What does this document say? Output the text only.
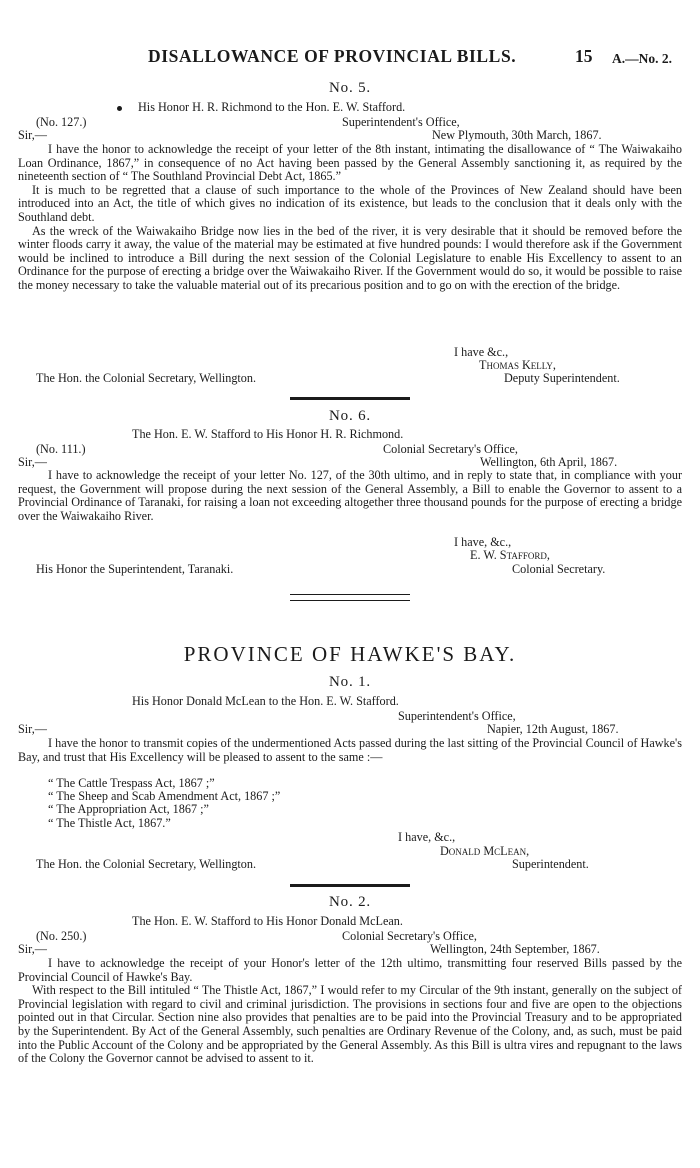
DISALLOWANCE OF PROVINCIAL BILLS.	15 A.—No. 2.
No. 5.
His Honor H. R. Richmond to the Hon. E. W. Stafford.
(No. 127.)	Superintendent's Office,
Sir,—	New Plymouth, 30th March, 1867.

I have the honor to acknowledge the receipt of your letter of the 8th instant, intimating the disallowance of “ The Waiwakaiho Loan Ordinance, 1867,” in consequence of no Act having been passed by the General Assembly sanctioning it, as required by the nineteenth section of “ The Southland Provincial Debt Act, 1865.”

It is much to be regretted that a clause of such importance to the whole of the Provinces of New Zealand should have been introduced into an Act, the title of which gives no indication of its existence, but leads to the conclusion that it deals only with the Southland debt.

As the wreck of the Waiwakaiho Bridge now lies in the bed of the river, it is very desirable that it should be removed before the winter floods carry it away, the value of the material may be estimated at five hundred pounds: I would therefore ask if the Government would be inclined to introduce a Bill during the next session of the Colonial Legislature to enable His Excellency to assent to an Ordinance for the purpose of erecting a bridge over the Waiwakaiho River. If the Government would do so, it would be possible to raise the money necessary to take the valuable material out of its precarious position and to go on with the erection of the bridge.

I have &c.,
Thomas Kelly,
The Hon. the Colonial Secretary, Wellington.	Deputy Superintendent.
No. 6.
The Hon. E. W. Stafford to His Honor H. R. Richmond.
(No. 111.)	Colonial Secretary's Office,
Sir,—	Wellington, 6th April, 1867.

I have to acknowledge the receipt of your letter No. 127, of the 30th ultimo, and in reply to state that, in compliance with your request, the Government will propose during the next session of the General Assembly, a Bill to enable the Governor to assent to a Provincial Ordinance of Taranaki, for raising a loan not exceeding altogether three thousand pounds for the purpose of erecting a bridge over the Waiwakaiho River.

I have, &c.,
E. W. Stafford,
His Honor the Superintendent, Taranaki.	Colonial Secretary.
PROVINCE OF HAWKE'S BAY.
No. 1.
His Honor Donald McLean to the Hon. E. W. Stafford.
Superintendent's Office,
Sir,—	Napier, 12th August, 1867.

I have the honor to transmit copies of the undermentioned Acts passed during the last sitting of the Provincial Council of Hawke's Bay, and trust that His Excellency will be pleased to assent to the same :—

“ The Cattle Trespass Act, 1867 ;”
“ The Sheep and Scab Amendment Act, 1867 ;”
“ The Appropriation Act, 1867 ;”
“ The Thistle Act, 1867.”
I have, &c.,
Donald McLean,
The Hon. the Colonial Secretary, Wellington.	Superintendent.
No. 2.
The Hon. E. W. Stafford to His Honor Donald McLean.
(No. 250.)	Colonial Secretary's Office,
Sir,—	Wellington, 24th September, 1867.

I have to acknowledge the receipt of your Honor's letter of the 12th ultimo, transmitting four reserved Bills passed by the Provincial Council of Hawke's Bay.

With respect to the Bill intituled “ The Thistle Act, 1867,” I would refer to my Circular of the 9th instant, generally on the subject of Provincial legislation with regard to civil and criminal jurisdiction. The provisions in sections four and five are open to the objections pointed out in that Circular. Section nine also provides that penalties are to be paid into the Provincial Treasury and to be appropriated by the Superintendent. By Act of the General Assembly, such penalties are Ordinary Revenue of the Colony, and, as such, must be paid into the Public Account of the Colony and be appropriated by the General Assembly. As this Bill is ultra vires and repugnant to the laws of the Colony the Governor cannot be advised to assent to it.
